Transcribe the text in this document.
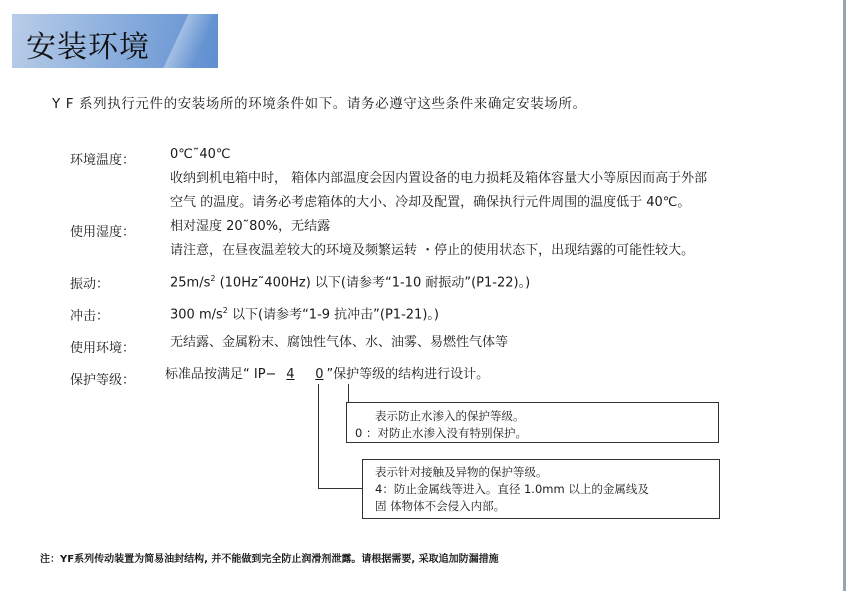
安装环境
Y F 系列执行元件的安装场所的环境条件如下。请务必遵守这些条件来确定安装场所。
环境温度：	0℃˜40℃
收纳到机电箱中时， 箱体内部温度会因内置设备的电力损耗及箱体容量大小等原因而高于外部
空气 的温度。请务必考虑箱体的大小、冷却及配置，确保执行元件周围的温度低于 40℃。
使用湿度：	相对湿度 20˜80%，无结露
请注意，在昼夜温差较大的环境及频繁运转 ・停止的使用状态下，出现结露的可能性较大。
振动：	$25m/s^2$ (10Hz˜400Hz) 以下(请参考“1-10 耐振动”(P1-22)。)
冲击：	300 $m/s^2$ 以下(请参考“1-9 抗冲击”(P1-21)。)
使用环境：	无结露、金属粉末、腐蚀性气体、水、油雾、易燃性气体等
保护等级： 标准品按满足“ IP− 4 0 ”保护等级的结构进行设计。
表示防止水渗入的保护等级。
0 ：对防止水渗入没有特别保护。
表示针对接触及异物的保护等级。
4：防止金属线等进入。直径 1.0mm 以上的金属线及
固 体物体不会侵入内部。
注：YF系列传动装置为简易油封结构, 并不能做到完全防止润滑剂泄露。请根据需要, 采取追加防漏措施
